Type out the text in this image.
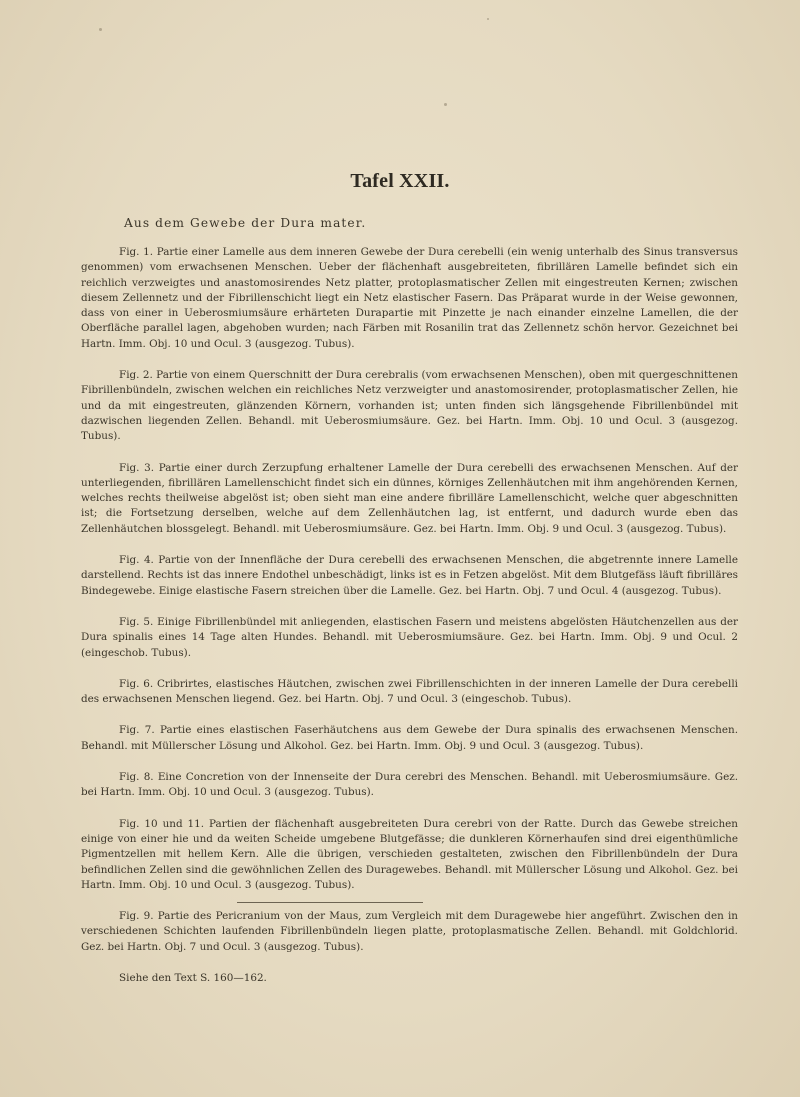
Tafel XXII.
Aus dem Gewebe der Dura mater.

Fig. 1. Partie einer Lamelle aus dem inneren Gewebe der Dura cerebelli (ein wenig unterhalb des Sinus transversus genommen) vom erwachsenen Menschen. Ueber der flächenhaft ausgebreiteten, fibrillären Lamelle befindet sich ein reichlich verzweigtes und anastomosirendes Netz platter, protoplasmatischer Zellen mit eingestreuten Kernen; zwischen diesem Zellennetz und der Fibrillenschicht liegt ein Netz elastischer Fasern. Das Präparat wurde in der Weise gewonnen, dass von einer in Ueberosmiumsäure erhärteten Durapartie mit Pinzette je nach einander einzelne Lamellen, die der Oberfläche parallel lagen, abgehoben wurden; nach Färben mit Rosanilin trat das Zellennetz schön hervor. Gezeichnet bei Hartn. Imm. Obj. 10 und Ocul. 3 (ausgezog. Tubus).

Fig. 2. Partie von einem Querschnitt der Dura cerebralis (vom erwachsenen Menschen), oben mit quergeschnittenen Fibrillenbündeln, zwischen welchen ein reichliches Netz verzweigter und anastomosirender, protoplasmatischer Zellen, hie und da mit eingestreuten, glänzenden Körnern, vorhanden ist; unten finden sich längsgehende Fibrillenbündel mit dazwischen liegenden Zellen. Behandl. mit Ueberosmiumsäure. Gez. bei Hartn. Imm. Obj. 10 und Ocul. 3 (ausgezog. Tubus).

Fig. 3. Partie einer durch Zerzupfung erhaltener Lamelle der Dura cerebelli des erwachsenen Menschen. Auf der unterliegenden, fibrillären Lamellenschicht findet sich ein dünnes, körniges Zellenhäutchen mit ihm angehörenden Kernen, welches rechts theilweise abgelöst ist; oben sieht man eine andere fibrilläre Lamellenschicht, welche quer abgeschnitten ist; die Fortsetzung derselben, welche auf dem Zellenhäutchen lag, ist entfernt, und dadurch wurde eben das Zellenhäutchen blossgelegt. Behandl. mit Ueberosmiumsäure. Gez. bei Hartn. Imm. Obj. 9 und Ocul. 3 (ausgezog. Tubus).

Fig. 4. Partie von der Innenfläche der Dura cerebelli des erwachsenen Menschen, die abgetrennte innere Lamelle darstellend. Rechts ist das innere Endothel unbeschädigt, links ist es in Fetzen abgelöst. Mit dem Blutgefäss läuft fibrilläres Bindegewebe. Einige elastische Fasern streichen über die Lamelle. Gez. bei Hartn. Obj. 7 und Ocul. 4 (ausgezog. Tubus).

Fig. 5. Einige Fibrillenbündel mit anliegenden, elastischen Fasern und meistens abgelösten Häutchenzellen aus der Dura spinalis eines 14 Tage alten Hundes. Behandl. mit Ueberosmiumsäure. Gez. bei Hartn. Imm. Obj. 9 und Ocul. 2 (eingeschob. Tubus).

Fig. 6. Cribrirtes, elastisches Häutchen, zwischen zwei Fibrillenschichten in der inneren Lamelle der Dura cerebelli des erwachsenen Menschen liegend. Gez. bei Hartn. Obj. 7 und Ocul. 3 (eingeschob. Tubus).

Fig. 7. Partie eines elastischen Faserhäutchens aus dem Gewebe der Dura spinalis des erwachsenen Menschen. Behandl. mit Müllerscher Lösung und Alkohol. Gez. bei Hartn. Imm. Obj. 9 und Ocul. 3 (ausgezog. Tubus).

Fig. 8. Eine Concretion von der Innenseite der Dura cerebri des Menschen. Behandl. mit Ueberosmiumsäure. Gez. bei Hartn. Imm. Obj. 10 und Ocul. 3 (ausgezog. Tubus).

Fig. 10 und 11. Partien der flächenhaft ausgebreiteten Dura cerebri von der Ratte. Durch das Gewebe streichen einige von einer hie und da weiten Scheide umgebene Blutgefässe; die dunkleren Körnerhaufen sind drei eigenthümliche Pigmentzellen mit hellem Kern. Alle die übrigen, verschieden gestalteten, zwischen den Fibrillenbündeln der Dura befindlichen Zellen sind die gewöhnlichen Zellen des Duragewebes. Behandl. mit Müllerscher Lösung und Alkohol. Gez. bei Hartn. Imm. Obj. 10 und Ocul. 3 (ausgezog. Tubus).

Fig. 9. Partie des Pericranium von der Maus, zum Vergleich mit dem Duragewebe hier angeführt. Zwischen den in verschiedenen Schichten laufenden Fibrillenbündeln liegen platte, protoplasmatische Zellen. Behandl. mit Goldchlorid. Gez. bei Hartn. Obj. 7 und Ocul. 3 (ausgezog. Tubus).

Siehe den Text S. 160—162.
